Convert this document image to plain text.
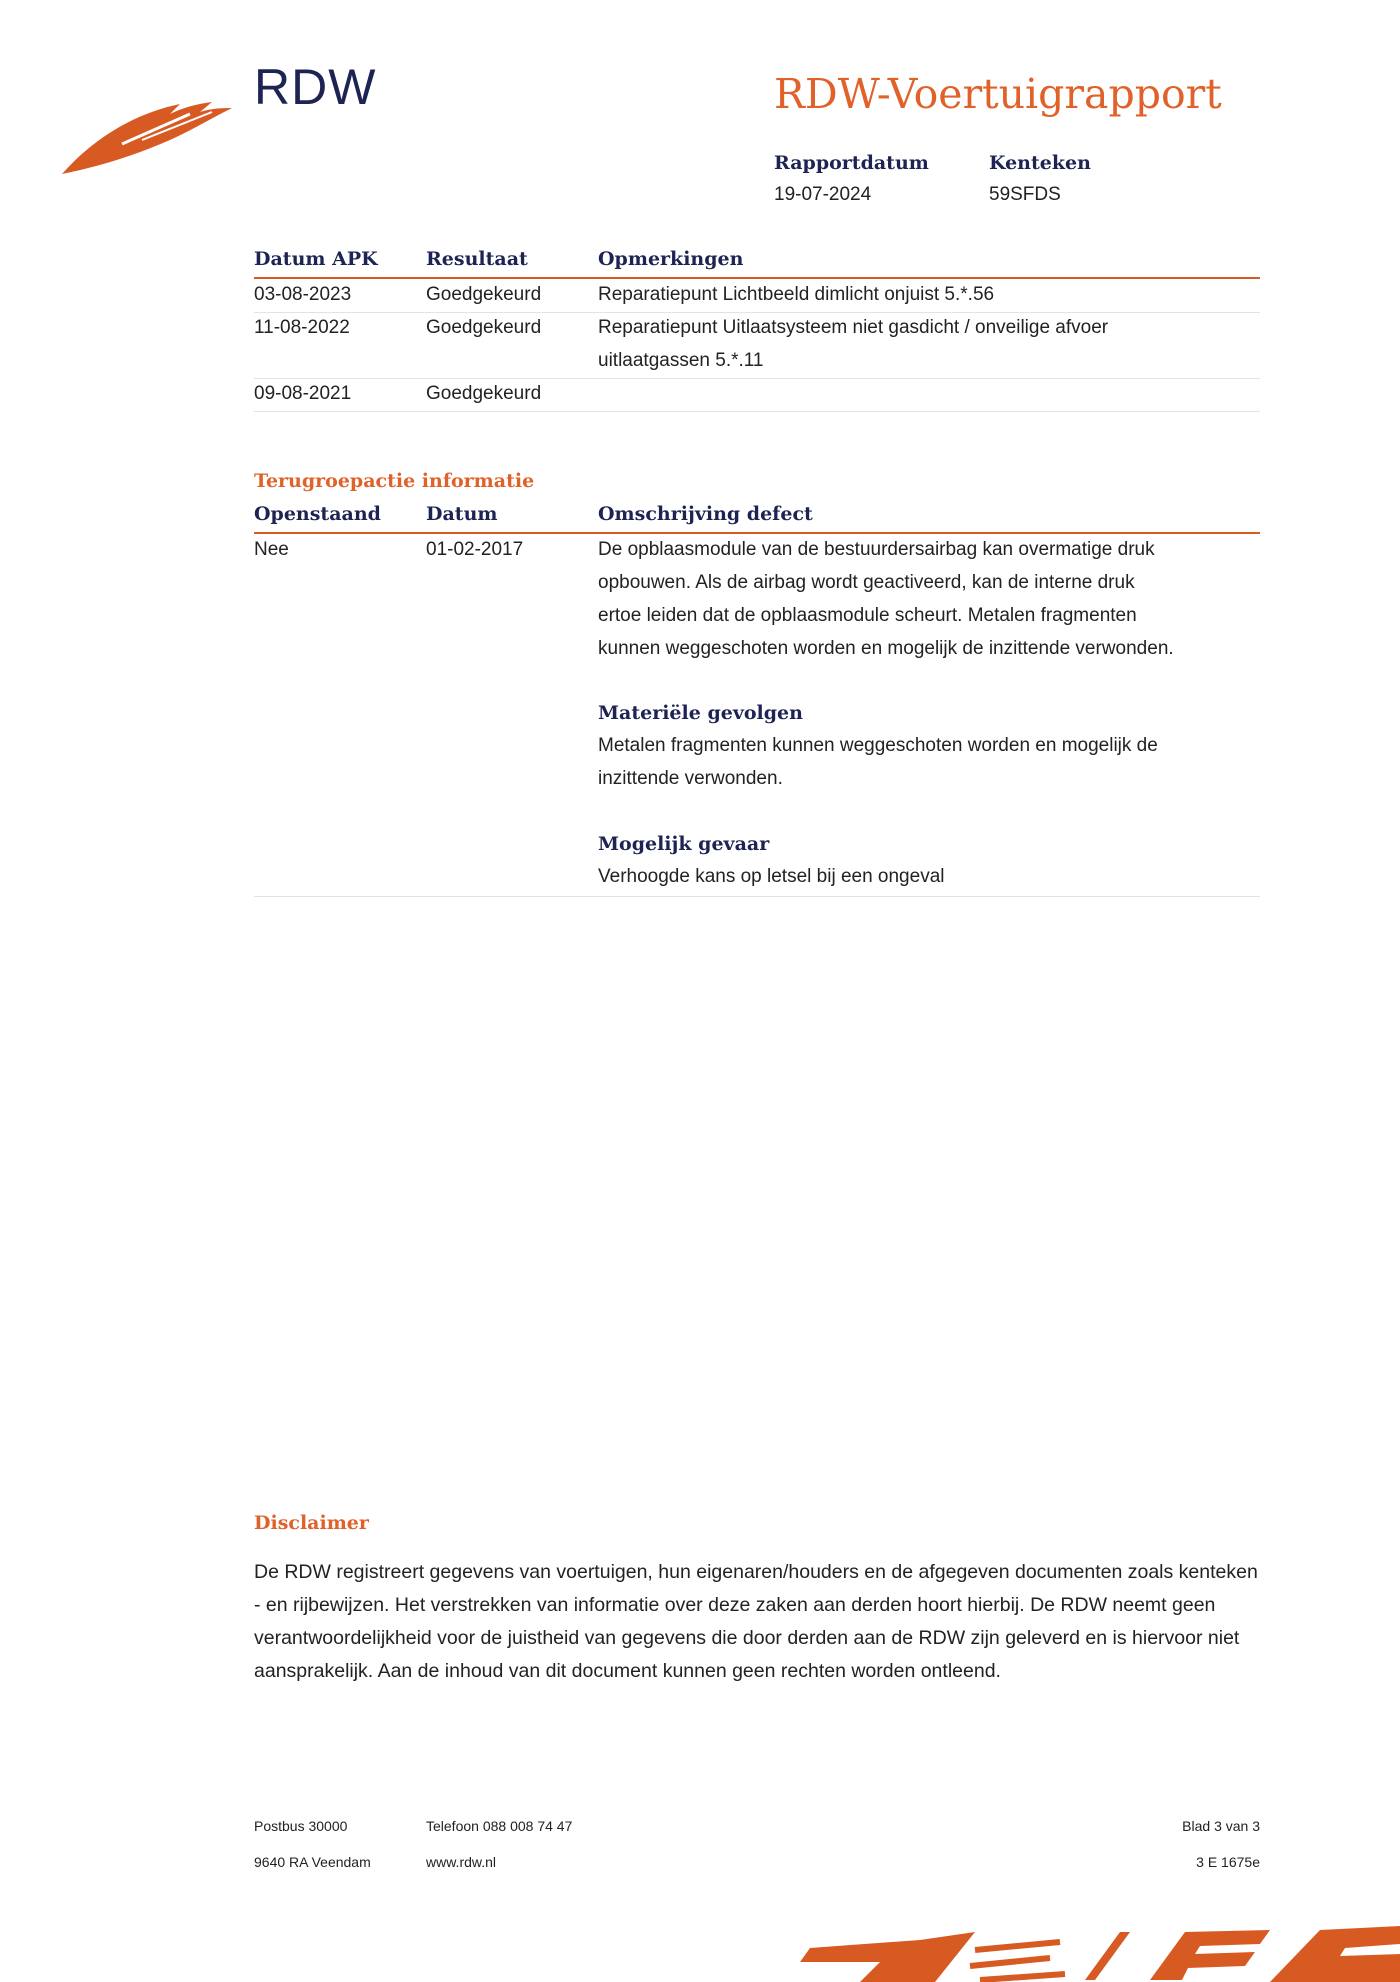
RDW	RDW-Voertuigrapport
Rapportdatum
19-07-2024
Kenteken
59SFDS
Datum APK	Resultaat	Opmerkingen
03-08-2023	Goedgekeurd	Reparatiepunt Lichtbeeld dimlicht onjuist 5.*.56
11-08-2022	Goedgekeurd	Reparatiepunt Uitlaatsysteem niet gasdicht / onveilige afvoer
uitlaatgassen 5.*.11
09-08-2021	Goedgekeurd
Terugroepactie informatie
Openstaand Datum	Omschrijving defect
Nee	01-02-2017	De opblaasmodule van de bestuurdersairbag kan overmatige druk
opbouwen. Als de airbag wordt geactiveerd, kan de interne druk
ertoe leiden dat de opblaasmodule scheurt. Metalen fragmenten
kunnen weggeschoten worden en mogelijk de inzittende verwonden.
Materiële gevolgen
Metalen fragmenten kunnen weggeschoten worden en mogelijk de
inzittende verwonden.
Mogelijk gevaar
Verhoogde kans op letsel bij een ongeval
Disclaimer
De RDW registreert gegevens van voertuigen, hun eigenaren/houders en de afgegeven documenten zoals kenteken - en rijbewijzen. Het verstrekken van informatie over deze zaken aan derden hoort hierbij. De RDW neemt geen verantwoordelijkheid voor de juistheid van gegevens die door derden aan de RDW zijn geleverd en is hiervoor niet aansprakelijk. Aan de inhoud van dit document kunnen geen rechten worden ontleend.
Postbus 30000
9640 RA Veendam
Telefoon 088 008 74 47
www.rdw.nl
Blad 3 van 3
3 E 1675e
